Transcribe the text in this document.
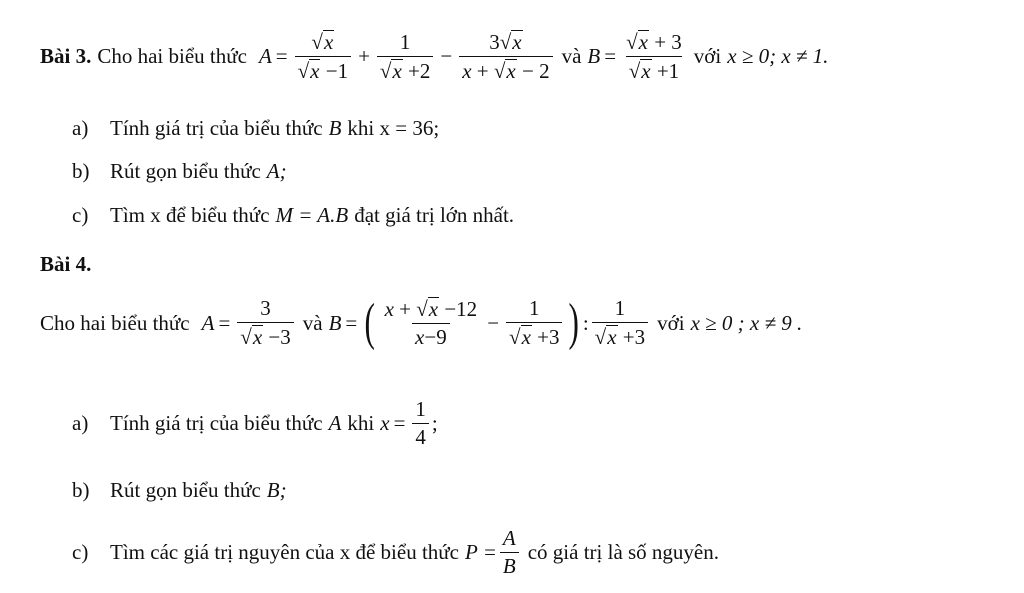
Bài 3. Cho hai biểu thức $A = \frac{√ x}{√ x -1} + \frac{1}{√ x +2} - \frac{3 √ x}{x + √ x - 2}$ và $B = \frac{√ x + 3}{√ x +1}$ với x ≥ 0; x ≠ 1.
a)	Tính giá trị của biểu thức B khi x = 36;
b) Rút gọn biểu thức A;
c)	Tìm x để biểu thức M = A.B đạt giá trị lớn nhất.
Bài 4.
Cho hai biểu thức $A = \frac{3}{√ x -3}$ và B = ( $\frac{x + √ x -12}{x-9} - \frac{1}{√ x +3}$ ) : $\frac{1}{√ x +3}$ với x ≥ 0 ; x ≠ 9 .
a)	Tính giá trị của biểu thức A khi $x = \frac{1}{4}$ ;
b) Rút gọn biểu thức B;
c)	Tìm các giá trị nguyên của x để biểu thức $P = \frac{A}{B}$ có giá trị là số nguyên.
